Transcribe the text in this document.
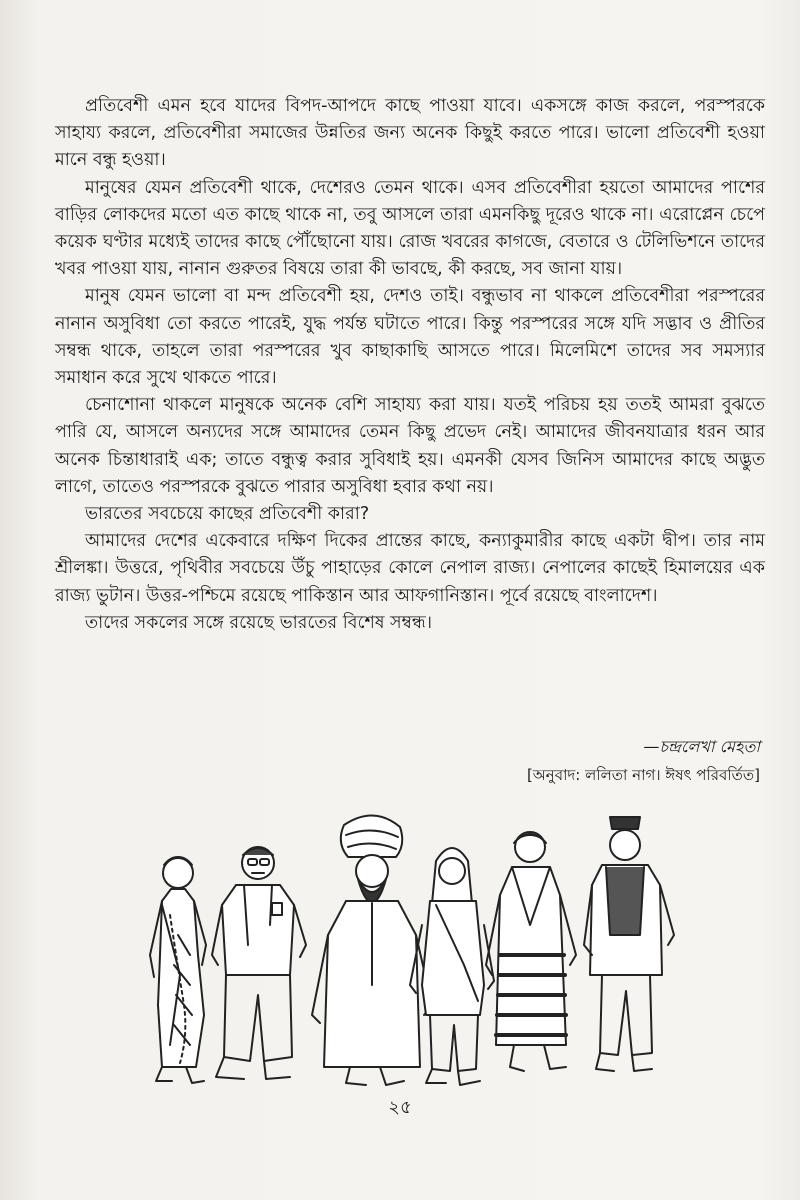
প্রতিবেশী এমন হবে যাদের বিপদ-আপদে কাছে পাওয়া যাবে। একসঙ্গে কাজ করলে, পরস্পরকে সাহায্য করলে, প্রতিবেশীরা সমাজের উন্নতির জন্য অনেক কিছুই করতে পারে। ভালো প্রতিবেশী হওয়া মানে বন্ধু হওয়া।

মানুষের যেমন প্রতিবেশী থাকে, দেশেরও তেমন থাকে। এসব প্রতিবেশীরা হয়তো আমাদের পাশের বাড়ির লোকদের মতো এত কাছে থাকে না, তবু আসলে তারা এমনকিছু দূরেও থাকে না। এরোপ্লেন চেপে কয়েক ঘণ্টার মধ্যেই তাদের কাছে পৌঁছোনো যায়। রোজ খবরের কাগজে, বেতারে ও টেলিভিশনে তাদের খবর পাওয়া যায়, নানান গুরুতর বিষয়ে তারা কী ভাবছে, কী করছে, সব জানা যায়।

মানুষ যেমন ভালো বা মন্দ প্রতিবেশী হয়, দেশও তাই। বন্ধুভাব না থাকলে প্রতিবেশীরা পরস্পরের নানান অসুবিধা তো করতে পারেই, যুদ্ধ পর্যন্ত ঘটাতে পারে। কিন্তু পরস্পরের সঙ্গে যদি সদ্ভাব ও প্রীতির সম্বন্ধ থাকে, তাহলে তারা পরস্পরের খুব কাছাকাছি আসতে পারে। মিলেমিশে তাদের সব সমস্যার সমাধান করে সুখে থাকতে পারে।

চেনাশোনা থাকলে মানুষকে অনেক বেশি সাহায্য করা যায়। যতই পরিচয় হয় ততই আমরা বুঝতে পারি যে, আসলে অন্যদের সঙ্গে আমাদের তেমন কিছু প্রভেদ নেই। আমাদের জীবনযাত্রার ধরন আর অনেক চিন্তাধারাই এক; তাতে বন্ধুত্ব করার সুবিধাই হয়। এমনকী যেসব জিনিস আমাদের কাছে অদ্ভুত লাগে, তাতেও পরস্পরকে বুঝতে পারার অসুবিধা হবার কথা নয়।

ভারতের সবচেয়ে কাছের প্রতিবেশী কারা?

আমাদের দেশের একেবারে দক্ষিণ দিকের প্রান্তের কাছে, কন্যাকুমারীর কাছে একটা দ্বীপ। তার নাম শ্রীলঙ্কা। উত্তরে, পৃথিবীর সবচেয়ে উঁচু পাহাড়ের কোলে নেপাল রাজ্য। নেপালের কাছেই হিমালয়ের এক রাজ্য ভুটান। উত্তর-পশ্চিমে রয়েছে পাকিস্তান আর আফগানিস্তান। পূর্বে রয়েছে বাংলাদেশ।

তাদের সকলের সঙ্গে রয়েছে ভারতের বিশেষ সম্বন্ধ।

—চন্দ্রলেখা মেহতা
[অনুবাদ: ললিতা নাগ। ঈষৎ পরিবর্তিত]
২৫
